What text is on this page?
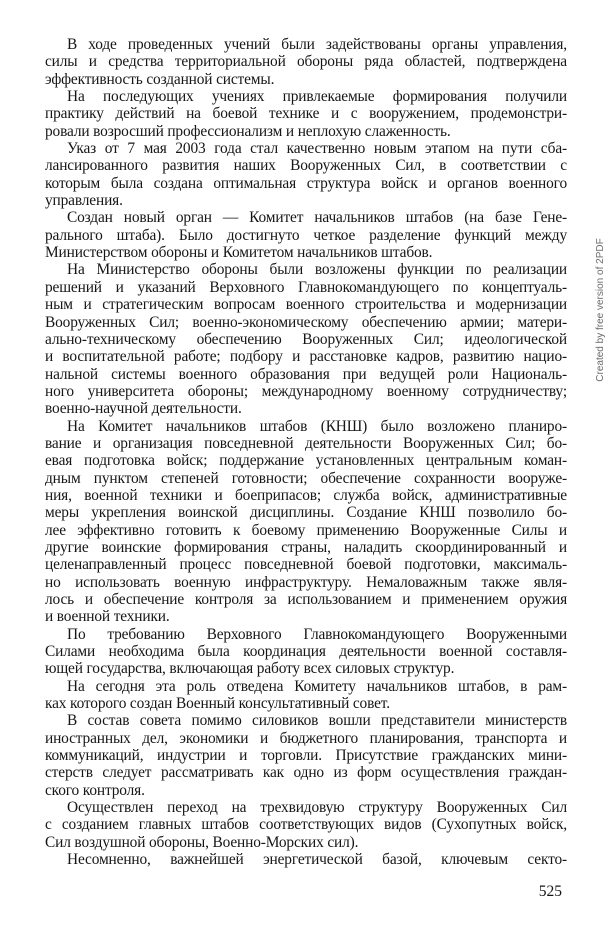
В ходе проведенных учений были задействованы органы управления,
силы и средства территориальной обороны ряда областей, подтверждена
эффективность созданной системы.
На последующих учениях привлекаемые формирования получили
практику действий на боевой технике и с вооружением, продемонстри-
ровали возросший профессионализм и неплохую слаженность.
Указ от 7 мая 2003 года стал качественно новым этапом на пути сба-
лансированного развития наших Вооруженных Сил, в соответствии с
которым была создана оптимальная структура войск и органов военного
управления.
Создан новый орган — Комитет начальников штабов (на базе Гене-
рального штаба). Было достигнуто четкое разделение функций между
Министерством обороны и Комитетом начальников штабов.
На Министерство обороны были возложены функции по реализации
решений и указаний Верховного Главнокомандующего по концептуаль-
ным и стратегическим вопросам военного строительства и модернизации
Вооруженных Сил; военно-экономическому обеспечению армии; матери-
ально-техническому обеспечению Вооруженных Сил; идеологической
и воспитательной работе; подбору и расстановке кадров, развитию нацио-
нальной системы военного образования при ведущей роли Националь-
ного университета обороны; международному военному сотрудничеству;
военно-научной деятельности.
На Комитет начальников штабов (КНШ) было возложено планиро-
вание и организация повседневной деятельности Вооруженных Сил; бо-
евая подготовка войск; поддержание установленных центральным коман-
дным пунктом степеней готовности; обеспечение сохранности вооруже-
ния, военной техники и боеприпасов; служба войск, административные
меры укрепления воинской дисциплины. Создание КНШ позволило бо-
лее эффективно готовить к боевому применению Вооруженные Силы и
другие воинские формирования страны, наладить скоординированный и
целенаправленный процесс повседневной боевой подготовки, максималь-
но использовать военную инфраструктуру. Немаловажным также явля-
лось и обеспечение контроля за использованием и применением оружия
и военной техники.
По требованию Верховного Главнокомандующего Вооруженными
Силами необходима была координация деятельности военной составля-
ющей государства, включающая работу всех силовых структур.
На сегодня эта роль отведена Комитету начальников штабов, в рам-
ках которого создан Военный консультативный совет.
В состав совета помимо силовиков вошли представители министерств
иностранных дел, экономики и бюджетного планирования, транспорта и
коммуникаций, индустрии и торговли. Присутствие гражданских мини-
стерств следует рассматривать как одно из форм осуществления граждан-
ского контроля.
Осуществлен переход на трехвидовую структуру Вооруженных Сил
с созданием главных штабов соответствующих видов (Сухопутных войск,
Сил воздушной обороны, Военно-Морских сил).
Несомненно, важнейшей энергетической базой, ключевым секто-
525
Created by free version of 2PDF
